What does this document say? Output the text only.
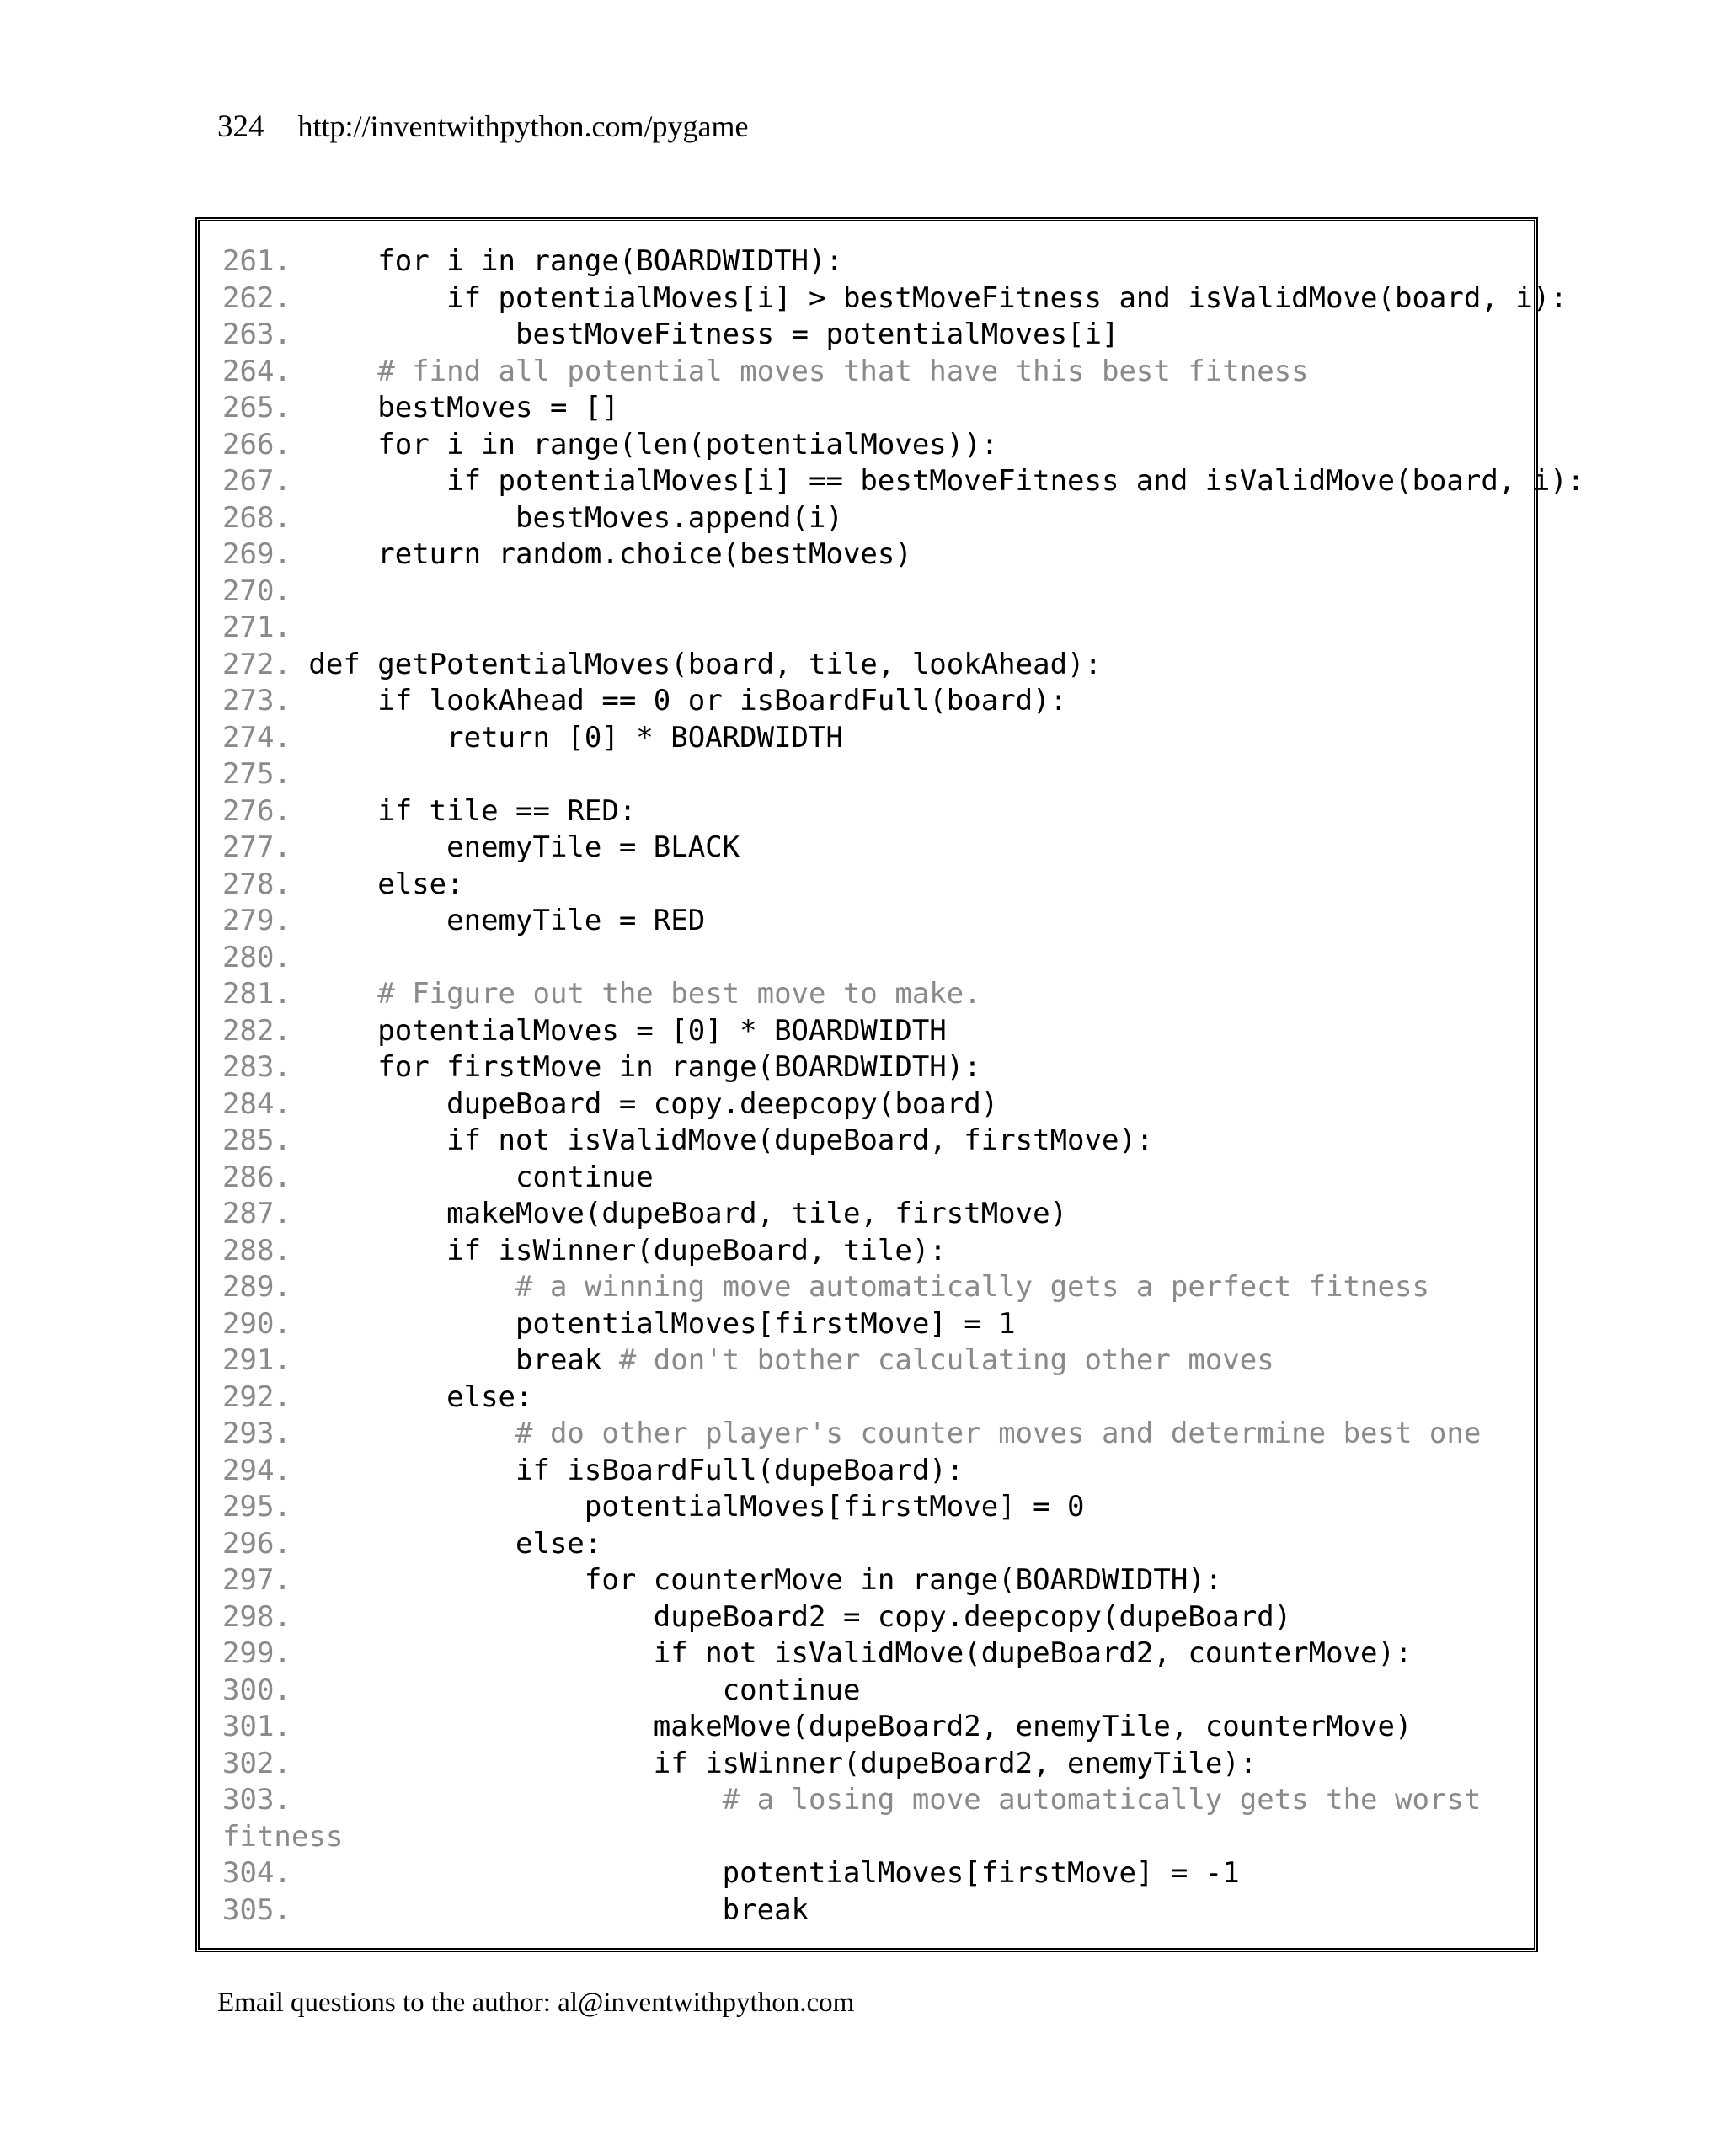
324 http://inventwithpython.com/pygame
261.	for i in range(BOARDWIDTH):
262.	if potentialMoves[i] > bestMoveFitness and isValidMove(board, i):
263.	bestMoveFitness = potentialMoves[i]
264.	# find all potential moves that have this best fitness
265.	bestMoves = []
266.	for i in range(len(potentialMoves)):
267.	if potentialMoves[i] == bestMoveFitness and isValidMove(board, i):
268.	bestMoves.append(i)
269.	return random.choice(bestMoves)
270.
271.
272. def getPotentialMoves(board, tile, lookAhead):
273.	if lookAhead == 0 or isBoardFull(board):
274.	return [0] * BOARDWIDTH
275.
276.	if tile == RED:
277.	enemyTile = BLACK
278.	else:
279.	enemyTile = RED
280.
281.	# Figure out the best move to make.
282.	potentialMoves = [0] * BOARDWIDTH
283.	for firstMove in range(BOARDWIDTH):
284.	dupeBoard = copy.deepcopy(board)
285.	if not isValidMove(dupeBoard, firstMove):
286.	continue
287.	makeMove(dupeBoard, tile, firstMove)
288.	if isWinner(dupeBoard, tile):
289.	# a winning move automatically gets a perfect fitness
290.	potentialMoves[firstMove] = 1
291.	break # don't bother calculating other moves
292.	else:
293.	# do other player's counter moves and determine best one
294.	if isBoardFull(dupeBoard):
295.	potentialMoves[firstMove] = 0
296.	else:
297.	for counterMove in range(BOARDWIDTH):
298.	dupeBoard2 = copy.deepcopy(dupeBoard)
299.	if not isValidMove(dupeBoard2, counterMove):
300.	continue
301.	makeMove(dupeBoard2, enemyTile, counterMove)
302.	if isWinner(dupeBoard2, enemyTile):
303.	# a losing move automatically gets the worst
fitness
304.	potentialMoves[firstMove] = -1
305.	break
Email questions to the author: al@inventwithpython.com
